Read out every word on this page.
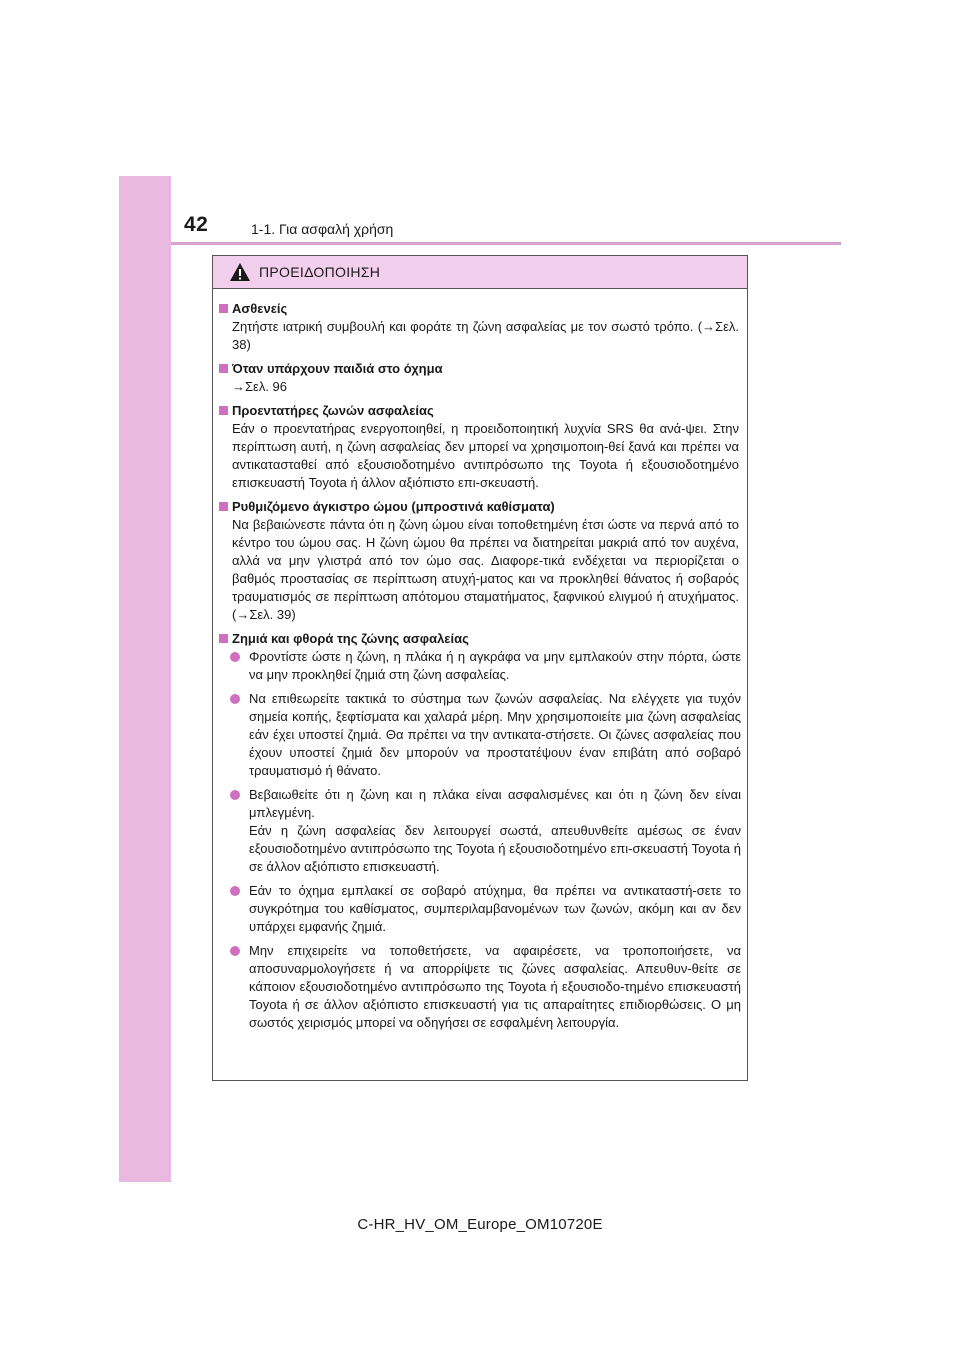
42	1-1. Για ασφαλή χρήση
ΠΡΟΕΙΔΟΠΟΙΗΣΗ
Ασθενείς
Ζητήστε ιατρική συμβουλή και φοράτε τη ζώνη ασφαλείας με τον σωστό τρόπο. (→Σελ. 38)
Όταν υπάρχουν παιδιά στο όχημα
→Σελ. 96
Προεντατήρες ζωνών ασφαλείας
Εάν ο προεντατήρας ενεργοποιηθεί, η προειδοποιητική λυχνία SRS θα ανά-ψει. Στην περίπτωση αυτή, η ζώνη ασφαλείας δεν μπορεί να χρησιμοποιη-θεί ξανά και πρέπει να αντικατασταθεί από εξουσιοδοτημένο αντιπρόσωπο της Toyota ή εξουσιοδοτημένο επισκευαστή Toyota ή άλλον αξιόπιστο επι-σκευαστή.
Ρυθμιζόμενο άγκιστρο ώμου (μπροστινά καθίσματα)
Να βεβαιώνεστε πάντα ότι η ζώνη ώμου είναι τοποθετημένη έτσι ώστε να περνά από το κέντρο του ώμου σας. Η ζώνη ώμου θα πρέπει να διατηρείται μακριά από τον αυχένα, αλλά να μην γλιστρά από τον ώμο σας. Διαφορε-τικά ενδέχεται να περιορίζεται ο βαθμός προστασίας σε περίπτωση ατυχή-ματος και να προκληθεί θάνατος ή σοβαρός τραυματισμός σε περίπτωση απότομου σταματήματος, ξαφνικού ελιγμού ή ατυχήματος. (→Σελ. 39)
Ζημιά και φθορά της ζώνης ασφαλείας

Φροντίστε ώστε η ζώνη, η πλάκα ή η αγκράφα να μην εμπλακούν στην πόρτα, ώστε να μην προκληθεί ζημιά στη ζώνη ασφαλείας.

Να επιθεωρείτε τακτικά το σύστημα των ζωνών ασφαλείας. Να ελέγχετε για τυχόν σημεία κοπής, ξεφτίσματα και χαλαρά μέρη. Μην χρησιμοποιείτε μια ζώνη ασφαλείας εάν έχει υποστεί ζημιά. Θα πρέπει να την αντικατα-στήσετε. Οι ζώνες ασφαλείας που έχουν υποστεί ζημιά δεν μπορούν να προστατέψουν έναν επιβάτη από σοβαρό τραυματισμό ή θάνατο.

Βεβαιωθείτε ότι η ζώνη και η πλάκα είναι ασφαλισμένες και ότι η ζώνη δεν είναι μπλεγμένη.

Εάν η ζώνη ασφαλείας δεν λειτουργεί σωστά, απευθυνθείτε αμέσως σε έναν εξουσιοδοτημένο αντιπρόσωπο της Toyota ή εξουσιοδοτημένο επι-σκευαστή Toyota ή σε άλλον αξιόπιστο επισκευαστή.

Εάν το όχημα εμπλακεί σε σοβαρό ατύχημα, θα πρέπει να αντικαταστή-σετε το συγκρότημα του καθίσματος, συμπεριλαμβανομένων των ζωνών, ακόμη και αν δεν υπάρχει εμφανής ζημιά.

Μην επιχειρείτε να τοποθετήσετε, να αφαιρέσετε, να τροποποιήσετε, να αποσυναρμολογήσετε ή να απορρίψετε τις ζώνες ασφαλείας. Απευθυν-θείτε σε κάποιον εξουσιοδοτημένο αντιπρόσωπο της Toyota ή εξουσιοδο-τημένο επισκευαστή Toyota ή σε άλλον αξιόπιστο επισκευαστή για τις απαραίτητες επιδιορθώσεις. Ο μη σωστός χειρισμός μπορεί να οδηγήσει σε εσφαλμένη λειτουργία.

C-HR_HV_OM_Europe_OM10720E
